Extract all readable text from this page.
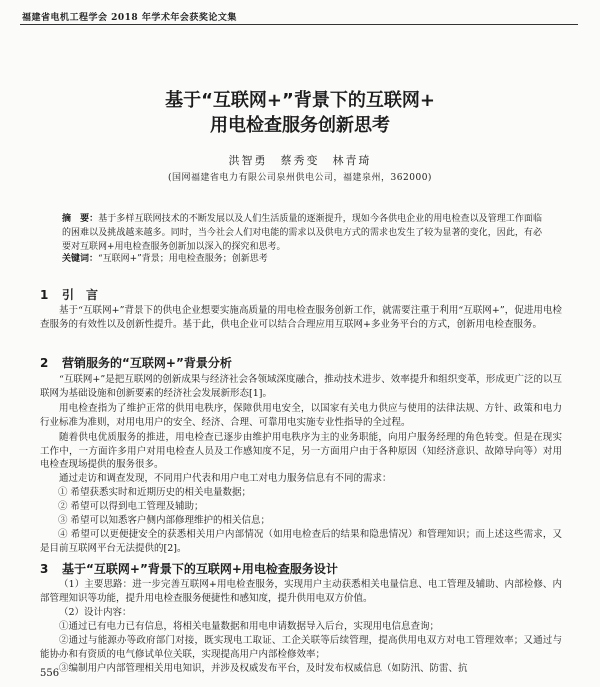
福建省电机工程学会 2018 年学术年会获奖论文集
基于“互联网+”背景下的互联网+
用电检查服务创新思考
洪智勇　蔡秀变　林青琦
(国网福建省电力有限公司泉州供电公司，福建泉州，362000)
摘　要：基于多样互联网技术的不断发展以及人们生活质量的逐渐提升，现如今各供电企业的用电检查以及管理工作面临的困难以及挑战越来越多。同时，当今社会人们对电能的需求以及供电方式的需求也发生了较为显著的变化，因此，有必要对互联网+用电检查服务创新加以深入的探究和思考。
关键词：“互联网+”背景；用电检查服务；创新思考
1 引　言
基于“互联网+”背景下的供电企业想要实施高质量的用电检查服务创新工作，就需要注重于利用“互联网+”，促进用电检查服务的有效性以及创新性提升。基于此，供电企业可以结合合理应用互联网+多业务平台的方式，创新用电检查服务。
2 营销服务的“互联网+”背景分析
“互联网+”是把互联网的创新成果与经济社会各领域深度融合，推动技术进步、效率提升和组织变革，形成更广泛的以互联网为基础设施和创新要素的经济社会发展新形态[1]。
用电检查指为了维护正常的供用电秩序，保障供用电安全，以国家有关电力供应与使用的法律法规、方针、政策和电力行业标准为准则，对用电用户的安全、经济、合理、可靠用电实施专业性指导的全过程。
随着供电优质服务的推进，用电检查已逐步由维护用电秩序为主的业务职能，向用户服务经理的角色转变。但是在现实工作中，一方面许多用户对用电检查人员及工作感知度不足，另一方面用户由于各种原因（知经济意识、故障导向等）对用电检查现场提供的服务很多。
通过走访和调查发现，不同用户代表和用户电工对电力服务信息有不同的需求：
① 希望获悉实时和近期历史的相关电量数据；
② 希望可以得到电工管理及辅助；
③ 希望可以知悉客户侧内部修理维护的相关信息；
④ 希望可以更便捷安全的获悉相关用户内部情况（如用电检查后的结果和隐患情况）和管理知识；而上述这些需求，又是目前互联网平台无法提供的[2]。
3 基于“互联网+”背景下的互联网+用电检查服务设计
（1）主要思路：进一步完善互联网+用电检查服务，实现用户主动获悉相关电量信息、电工管理及辅助、内部检修、内部管理知识等功能，提升用电检查服务便捷性和感知度，提升供用电双方价值。
（2）设计内容：
①通过已有电力已有信息，将相关电量数据和用电申请数据导入后台，实现用电信息查询；
②通过与能源办等政府部门对接，既实现电工取证、工企关联等后续管理，提高供用电双方对电工管理效率；又通过与能协办和有资质的电气修试单位关联，实现提高用户内部检修效率；
③编制用户内部管理相关用电知识，并涉及权威发布平台，及时发布权威信息（如防汛、防雷、抗
556
